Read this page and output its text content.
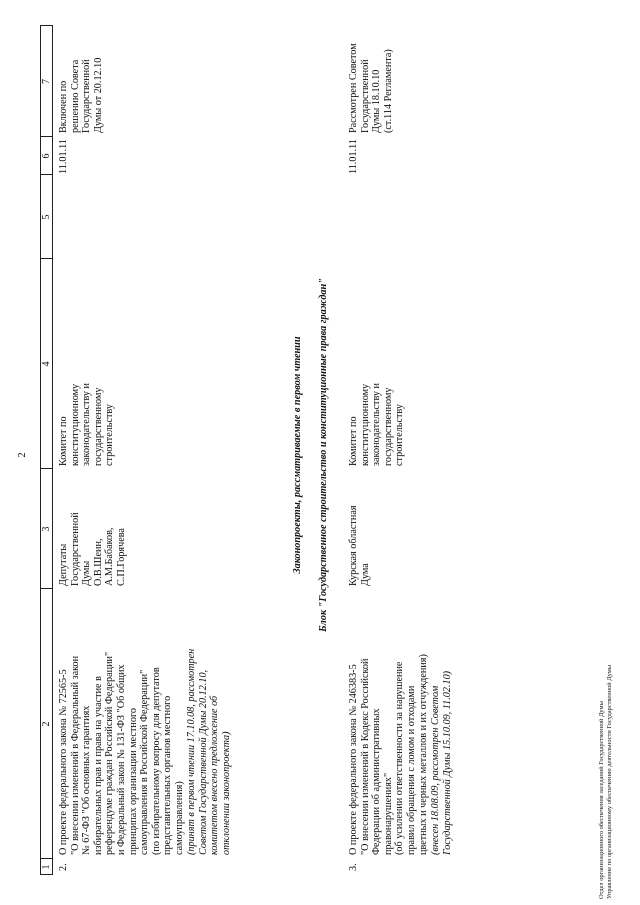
2
1
2
3
4
5
6
7
2.
О проекте федерального закона № 72565-5
"О внесении изменений в Федеральный закон
№ 67-ФЗ "Об основных гарантиях
избирательных прав и права на участие в
референдуме граждан Российской Федерации"
и Федеральный закон № 131-ФЗ "Об общих
принципах организации местного
самоуправления в Российской Федерации"
(по избирательному вопросу для депутатов
представительных органов местного
самоуправления) (принят в первом чтении 17.10.08, рассмотрен
Советом Государственной Думы 20.12.10,
комитетом внесено предложение об
отклонении законопроекта)
Депутаты
Государственной
Думы
О.В.Шеин,
А.М.Бабаков,
С.П.Горячева
Комитет по
конституционному
законодательству и
государственному
строительству
11.01.11
Включен по
решению Совета
Государственной
Думы от 20.12.10
Законопроекты, рассматриваемые в первом чтении Блок "Государственное строительство и конституционные права граждан"
3.
О проекте федерального закона № 246383-5
"О внесении изменений в Кодекс Российской
Федерации об административных
правонарушениях"
(об усилении ответственности за нарушение
правил обращения с ломом и отходами
цветных и черных металлов и их отчуждения)
(внесен 18.08.09, рассмотрен Советом
Государственной Думы 15.10.09, 11.02.10)
Курская областная
Дума
Комитет по
конституционному
законодательству и
государственному
строительству
11.01.11
Рассмотрен Советом
Государственной
Думы 18.10.10
(ст.114 Регламента)
Отдел организационного обеспечения заседаний Государственной Думы Управление по организационному обеспечению деятельности Государственной Думы
